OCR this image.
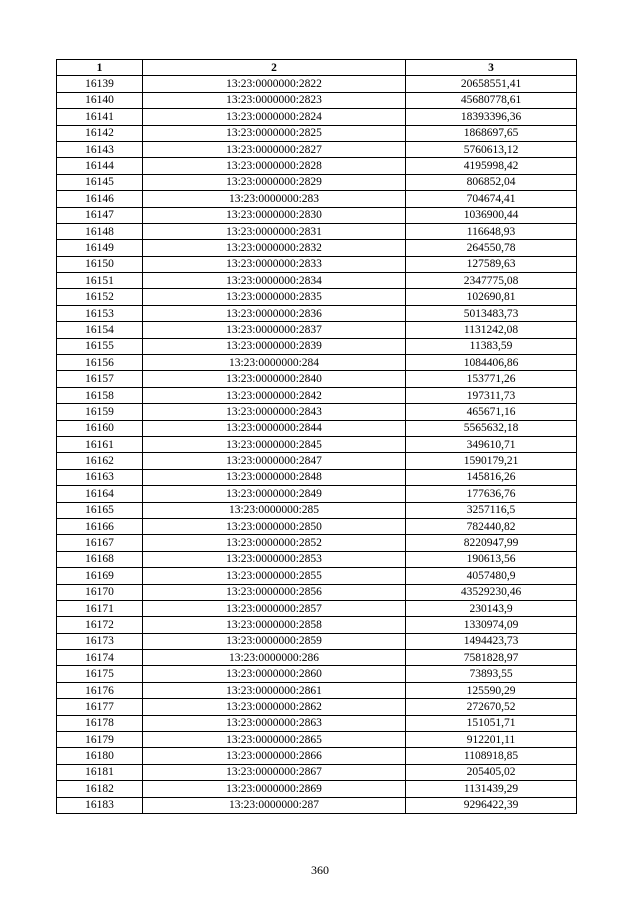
1	2	3
16139	13:23:0000000:2822	20658551,41
16140	13:23:0000000:2823	45680778,61
16141	13:23:0000000:2824	18393396,36
16142	13:23:0000000:2825	1868697,65
16143	13:23:0000000:2827	5760613,12
16144	13:23:0000000:2828	4195998,42
16145	13:23:0000000:2829	806852,04
16146	13:23:0000000:283	704674,41
16147	13:23:0000000:2830	1036900,44
16148	13:23:0000000:2831	116648,93
16149	13:23:0000000:2832	264550,78
16150	13:23:0000000:2833	127589,63
16151	13:23:0000000:2834	2347775,08
16152	13:23:0000000:2835	102690,81
16153	13:23:0000000:2836	5013483,73
16154	13:23:0000000:2837	1131242,08
16155	13:23:0000000:2839	11383,59
16156	13:23:0000000:284	1084406,86
16157	13:23:0000000:2840	153771,26
16158	13:23:0000000:2842	197311,73
16159	13:23:0000000:2843	465671,16
16160	13:23:0000000:2844	5565632,18
16161	13:23:0000000:2845	349610,71
16162	13:23:0000000:2847	1590179,21
16163	13:23:0000000:2848	145816,26
16164	13:23:0000000:2849	177636,76
16165	13:23:0000000:285	3257116,5
16166	13:23:0000000:2850	782440,82
16167	13:23:0000000:2852	8220947,99
16168	13:23:0000000:2853	190613,56
16169	13:23:0000000:2855	4057480,9
16170	13:23:0000000:2856	43529230,46
16171	13:23:0000000:2857	230143,9
16172	13:23:0000000:2858	1330974,09
16173	13:23:0000000:2859	1494423,73
16174	13:23:0000000:286	7581828,97
16175	13:23:0000000:2860	73893,55
16176	13:23:0000000:2861	125590,29
16177	13:23:0000000:2862	272670,52
16178	13:23:0000000:2863	151051,71
16179	13:23:0000000:2865	912201,11
16180	13:23:0000000:2866	1108918,85
16181	13:23:0000000:2867	205405,02
16182	13:23:0000000:2869	1131439,29
16183	13:23:0000000:287	9296422,39
360
